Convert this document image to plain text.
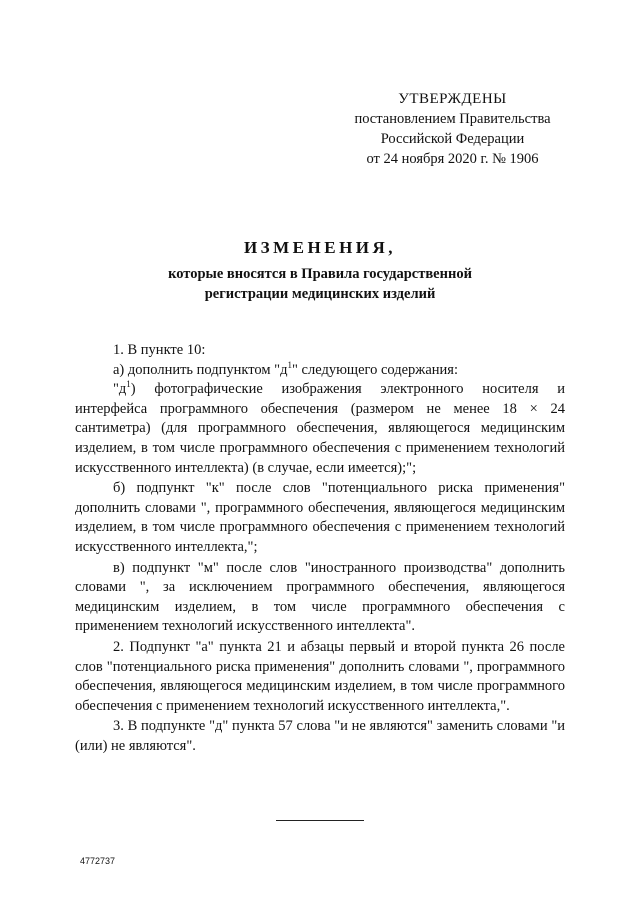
УТВЕРЖДЕНЫ
постановлением Правительства
Российской Федерации
от 24 ноября 2020 г. № 1906
ИЗМЕНЕНИЯ,
которые вносятся в Правила государственной
регистрации медицинских изделий

1. В пункте 10:

а) дополнить подпунктом "$д^1$" следующего содержания:

"$д^1$) фотографические изображения электронного носителя и интерфейса программного обеспечения (размером не менее 18 × 24 сантиметра) (для программного обеспечения, являющегося медицинским изделием, в том числе программного обеспечения с применением технологий искусственного интеллекта) (в случае, если имеется);";

б) подпункт "к" после слов "потенциального риска применения" дополнить словами ", программного обеспечения, являющегося медицинским изделием, в том числе программного обеспечения с применением технологий искусственного интеллекта,";

в) подпункт "м" после слов "иностранного производства" дополнить словами ", за исключением программного обеспечения, являющегося медицинским изделием, в том числе программного обеспечения с применением технологий искусственного интеллекта".

2. Подпункт "а" пункта 21 и абзацы первый и второй пункта 26 после слов "потенциального риска применения" дополнить словами ", программного обеспечения, являющегося медицинским изделием, в том числе программного обеспечения с применением технологий искусственного интеллекта,".

3. В подпункте "д" пункта 57 слова "и не являются" заменить словами "и (или) не являются".

4772737
